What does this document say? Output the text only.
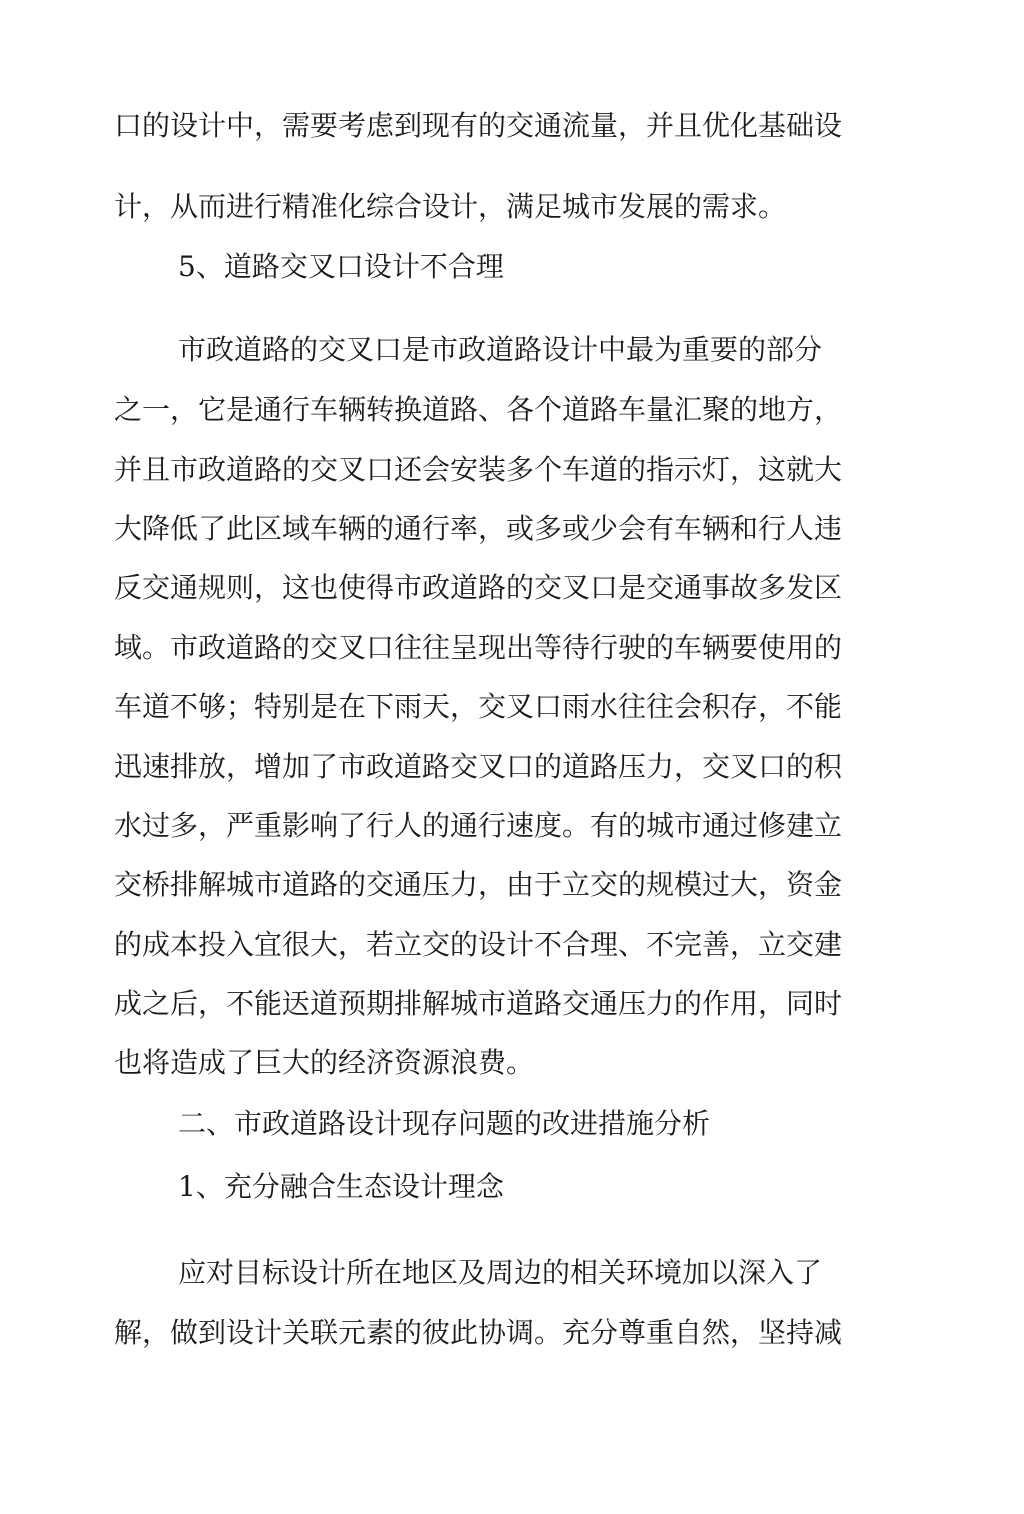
口的设计中，需要考虑到现有的交通流量，并且优化基础设
计，从而进行精准化综合设计，满足城市发展的需求。
5、道路交叉口设计不合理
市政道路的交叉口是市政道路设计中最为重要的部分
之一，它是通行车辆转换道路、各个道路车量汇聚的地方，
并且市政道路的交叉口还会安装多个车道的指示灯，这就大
大降低了此区域车辆的通行率，或多或少会有车辆和行人违
反交通规则，这也使得市政道路的交叉口是交通事故多发区
域。市政道路的交叉口往往呈现出等待行驶的车辆要使用的
车道不够；特别是在下雨天，交叉口雨水往往会积存，不能
迅速排放，增加了市政道路交叉口的道路压力，交叉口的积
水过多，严重影响了行人的通行速度。有的城市通过修建立
交桥排解城市道路的交通压力，由于立交的规模过大，资金
的成本投入宜很大，若立交的设计不合理、不完善，立交建
成之后，不能迗道预期排解城市道路交通压力的作用，同时
也将造成了巨大的经济资源浪费。
二、市政道路设计现存问题的改进措施分析
1、充分融合生态设计理念
应对目标设计所在地区及周边的相关环境加以深入了
解，做到设计关联元素的彼此协调。充分尊重自然，坚持减
